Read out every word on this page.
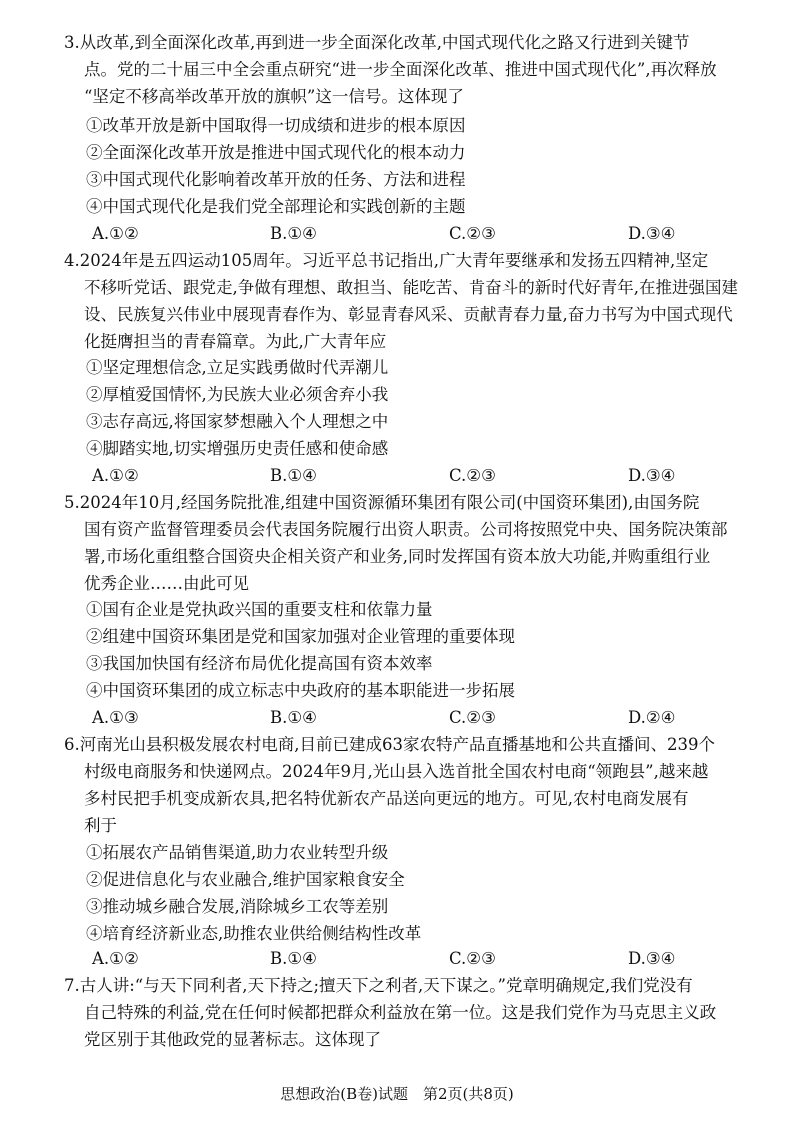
3.从改革,到全面深化改革,再到进一步全面深化改革,中国式现代化之路又行进到关键节
点。党的二十届三中全会重点研究“进一步全面深化改革、推进中国式现代化”,再次释放
“坚定不移高举改革开放的旗帜”这一信号。这体现了
①改革开放是新中国取得一切成绩和进步的根本原因
②全面深化改革开放是推进中国式现代化的根本动力
③中国式现代化影响着改革开放的任务、方法和进程
④中国式现代化是我们党全部理论和实践创新的主题
A.①②	B.①④	C.②③	D.③④
4.2024年是五四运动105周年。习近平总书记指出,广大青年要继承和发扬五四精神,坚定
不移听党话、跟党走,争做有理想、敢担当、能吃苦、肯奋斗的新时代好青年,在推进强国建
设、民族复兴伟业中展现青春作为、彰显青春风采、贡献青春力量,奋力书写为中国式现代
化挺膺担当的青春篇章。为此,广大青年应
①坚定理想信念,立足实践勇做时代弄潮儿
②厚植爱国情怀,为民族大业必须舍弃小我
③志存高远,将国家梦想融入个人理想之中
④脚踏实地,切实增强历史责任感和使命感
A.①②	B.①④	C.②③	D.③④
5.2024年10月,经国务院批准,组建中国资源循环集团有限公司(中国资环集团),由国务院
国有资产监督管理委员会代表国务院履行出资人职责。公司将按照党中央、国务院决策部
署,市场化重组整合国资央企相关资产和业务,同时发挥国有资本放大功能,并购重组行业
优秀企业……由此可见
①国有企业是党执政兴国的重要支柱和依靠力量
②组建中国资环集团是党和国家加强对企业管理的重要体现
③我国加快国有经济布局优化提高国有资本效率
④中国资环集团的成立标志中央政府的基本职能进一步拓展
A.①③	B.①④	C.②③	D.②④
6.河南光山县积极发展农村电商,目前已建成63家农特产品直播基地和公共直播间、239个
村级电商服务和快递网点。2024年9月,光山县入选首批全国农村电商“领跑县”,越来越
多村民把手机变成新农具,把名特优新农产品送向更远的地方。可见,农村电商发展有
利于
①拓展农产品销售渠道,助力农业转型升级
②促进信息化与农业融合,维护国家粮食安全
③推动城乡融合发展,消除城乡工农等差别
④培育经济新业态,助推农业供给侧结构性改革
A.①②	B.①④	C.②③	D.③④
7.古人讲:“与天下同利者,天下持之;擅天下之利者,天下谋之。”党章明确规定,我们党没有
自己特殊的利益,党在任何时候都把群众利益放在第一位。这是我们党作为马克思主义政
党区别于其他政党的显著标志。这体现了
思想政治(B卷)试题　第2页(共8页)
